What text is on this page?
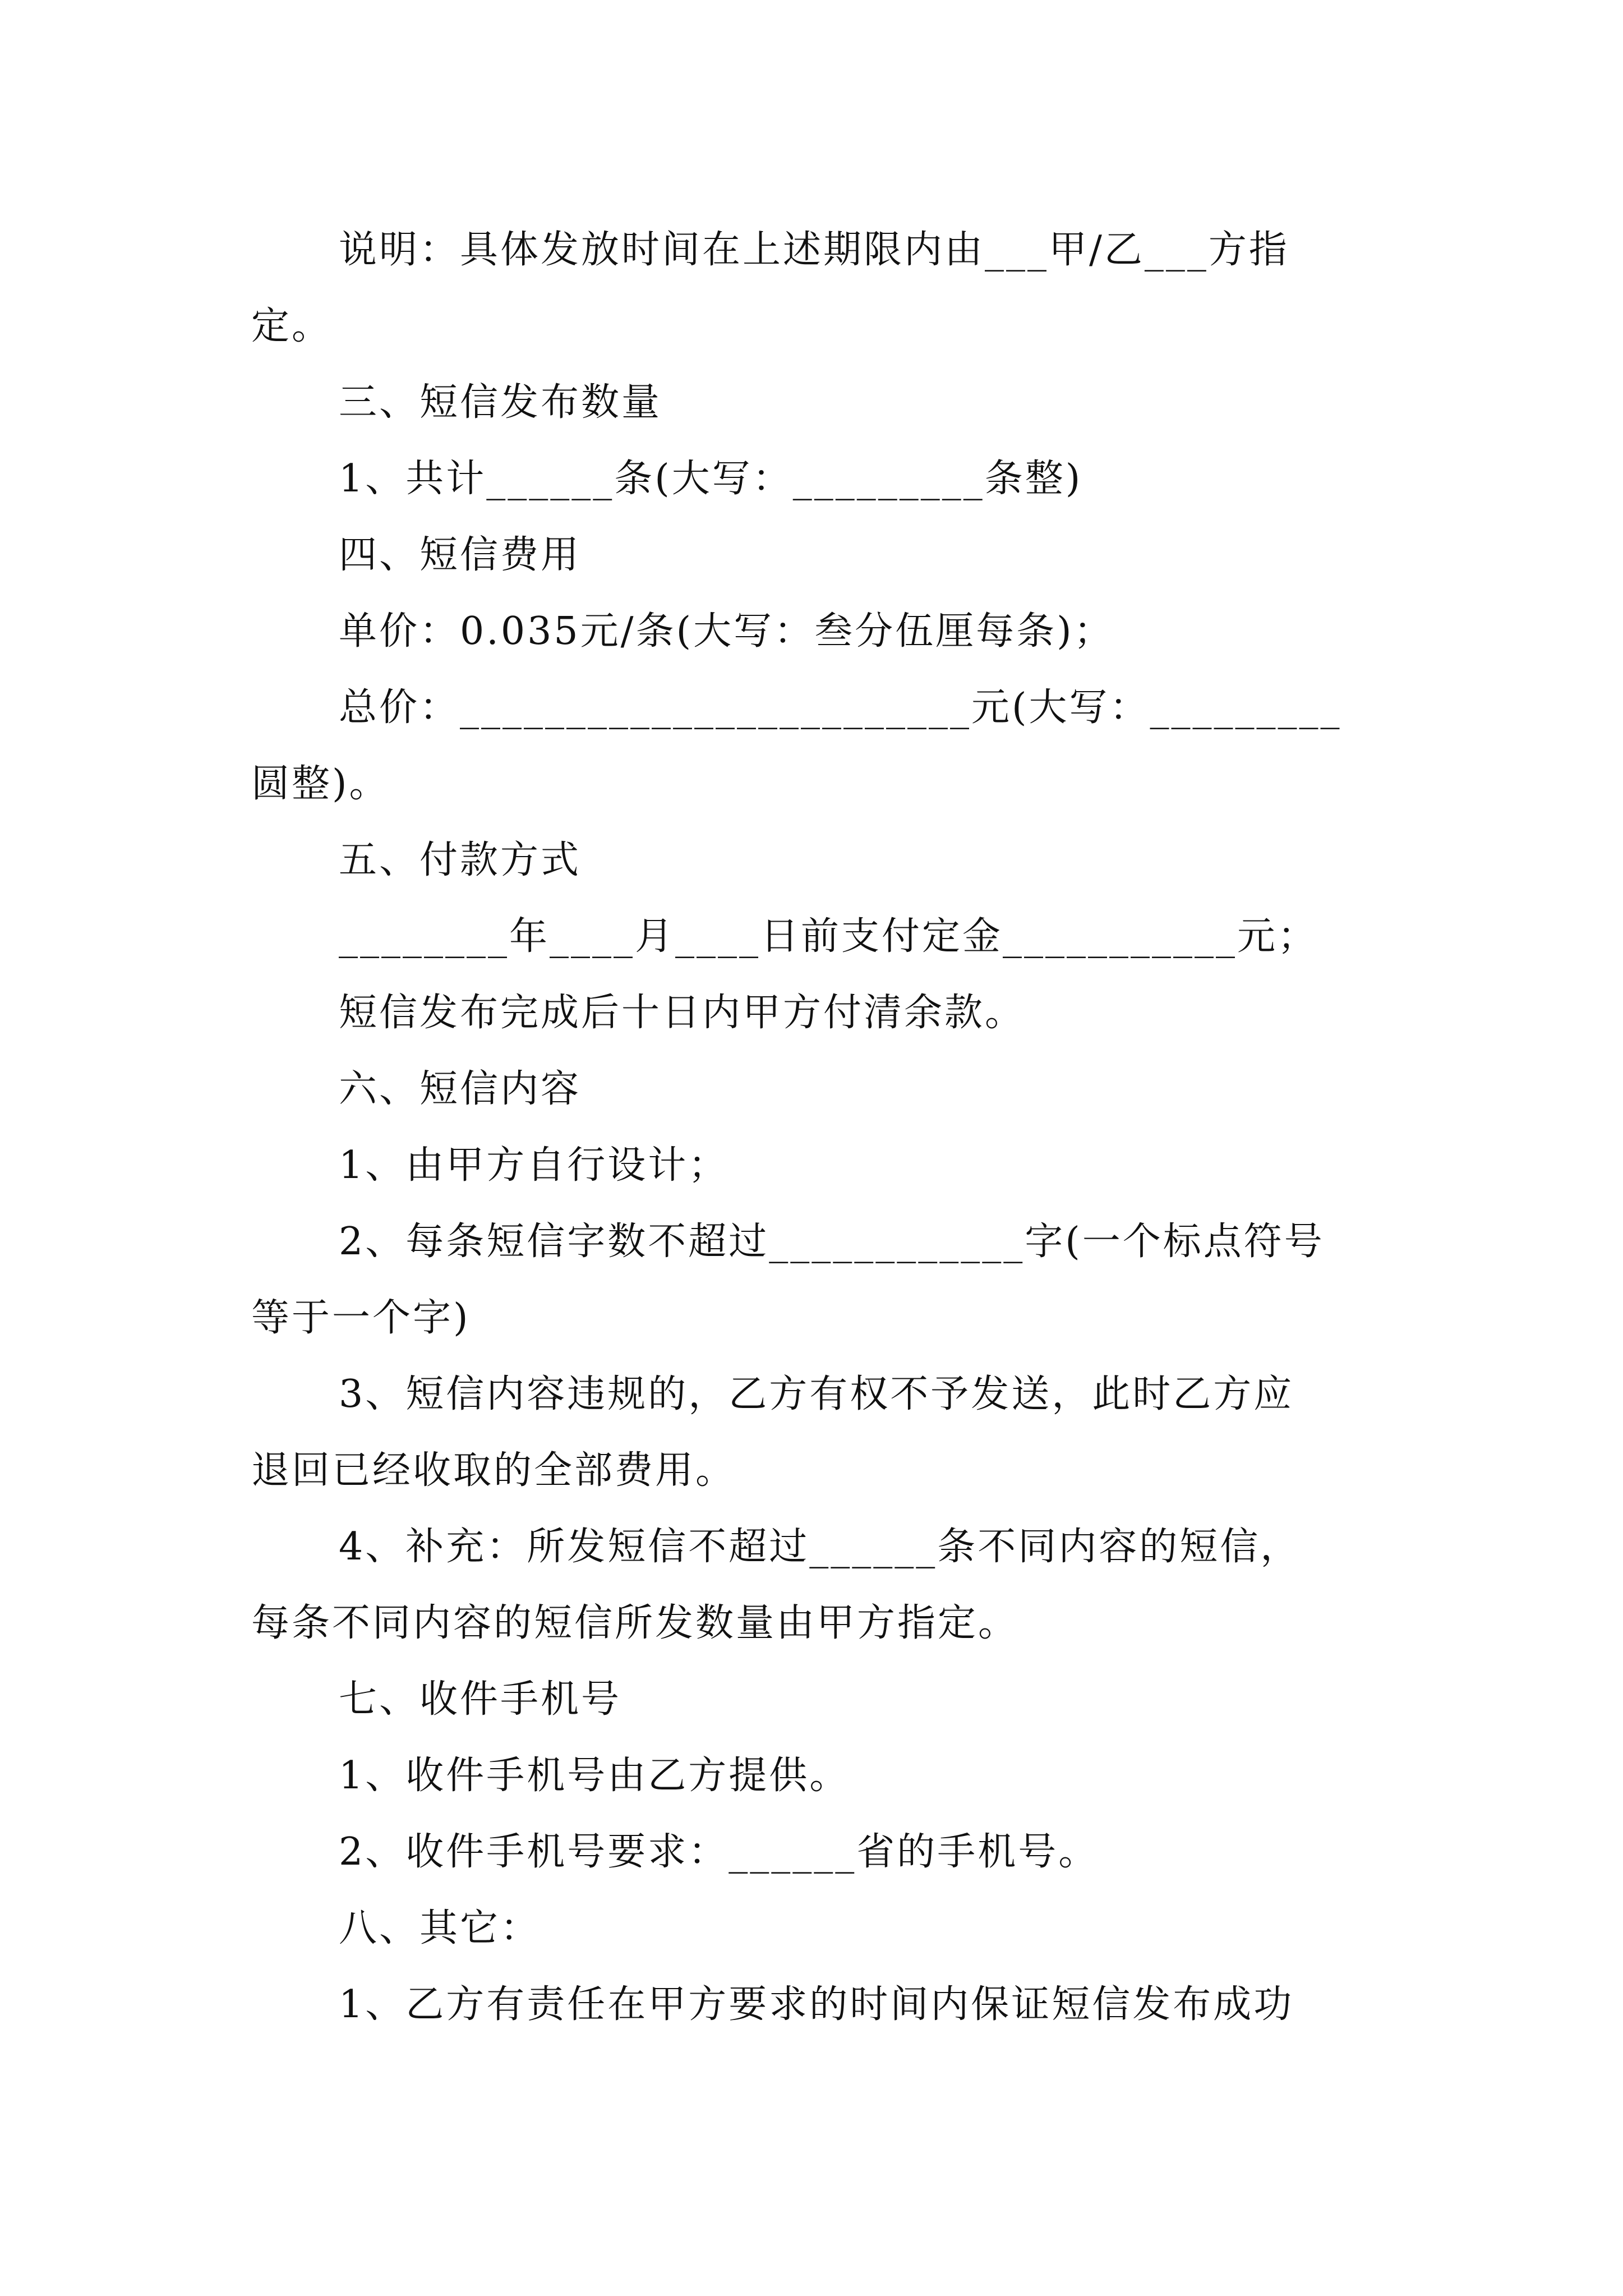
说明：具体发放时间在上述期限内由___甲/乙___方指

定。

三、短信发布数量

1、共计______条(大写：_________条整)

四、短信费用

单价：0.035元/条(大写：叁分伍厘每条)；

总价：________________________元(大写：_________

圆整)。

五、付款方式

________年____月____日前支付定金___________元；

短信发布完成后十日内甲方付清余款。

六、短信内容

1、由甲方自行设计；

2、每条短信字数不超过____________字(一个标点符号

等于一个字)

3、短信内容违规的，乙方有权不予发送，此时乙方应

退回已经收取的全部费用。

4、补充：所发短信不超过______条不同内容的短信，

每条不同内容的短信所发数量由甲方指定。

七、收件手机号

1、收件手机号由乙方提供。

2、收件手机号要求：______省的手机号。

八、其它：

1、乙方有责任在甲方要求的时间内保证短信发布成功
